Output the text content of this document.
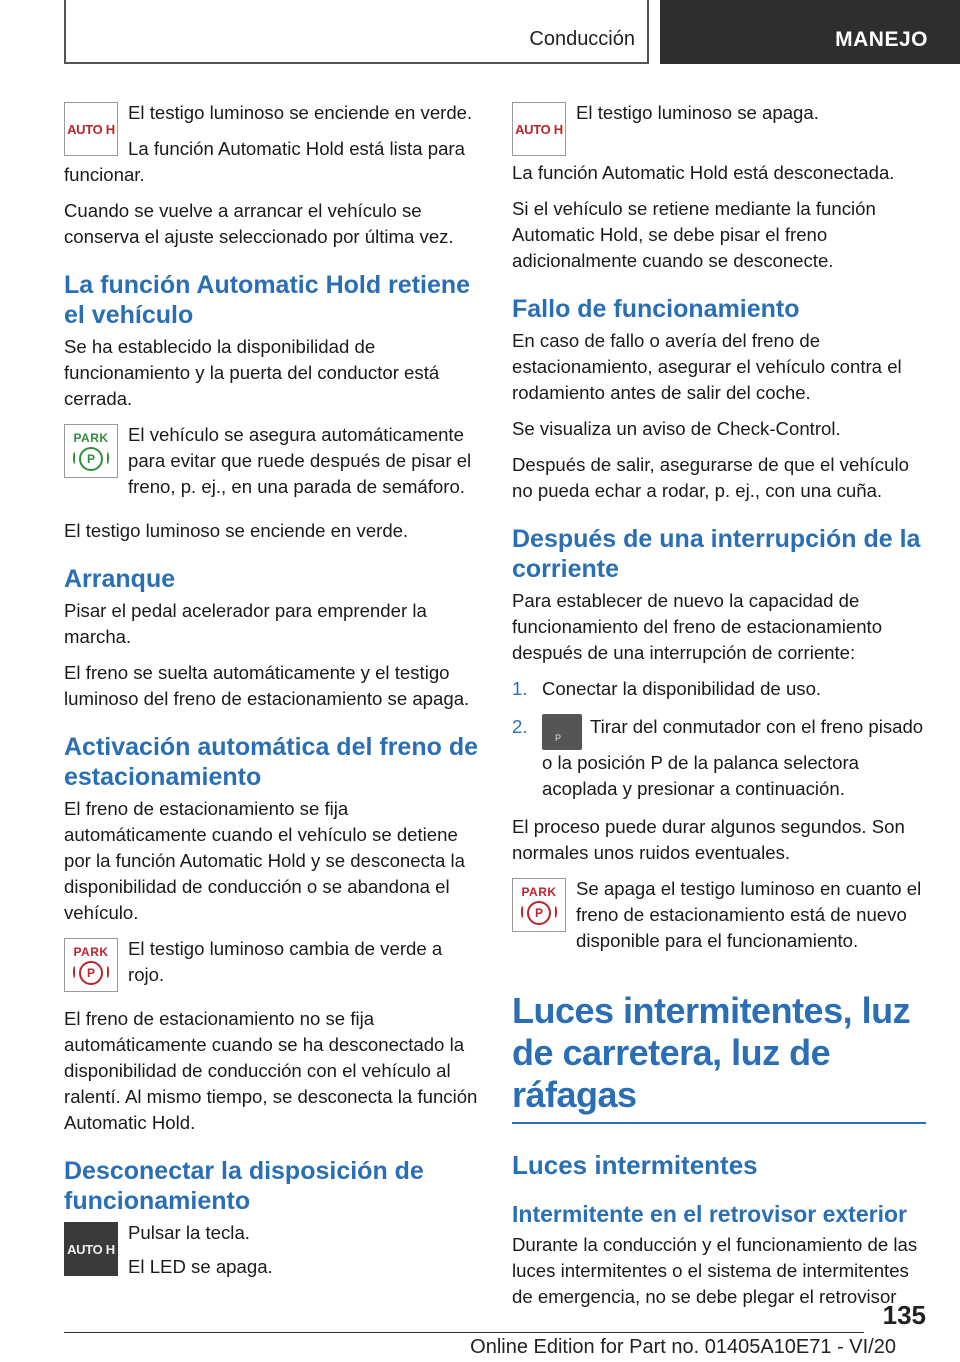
Conducción	MANEJO
AUTO H

El testigo luminoso se enciende en verde.

La función Automatic Hold está lista para funcionar.

Cuando se vuelve a arrancar el vehículo se conserva el ajuste seleccionado por última vez.

La función Automatic Hold retiene el vehículo

Se ha establecido la disponibilidad de funcionamiento y la puerta del conductor está cerrada.

PARK
P

El vehículo se asegura automáticamente para evitar que ruede después de pisar el freno, p. ej., en una parada de semáforo.

El testigo luminoso se enciende en verde.

Arranque

Pisar el pedal acelerador para emprender la marcha.

El freno se suelta automáticamente y el testigo luminoso del freno de estacionamiento se apaga.

Activación automática del freno de estacionamiento

El freno de estacionamiento se fija automáticamente cuando el vehículo se detiene por la función Automatic Hold y se desconecta la disponibilidad de conducción o se abandona el vehículo.

PARK
P

El testigo luminoso cambia de verde a rojo.

El freno de estacionamiento no se fija automáticamente cuando se ha desconectado la disponibilidad de conducción con el vehículo al ralentí. Al mismo tiempo, se desconecta la función Automatic Hold.

Desconectar la disposición de funcionamiento
AUTO H

Pulsar la tecla.

El LED se apaga.

AUTO H

El testigo luminoso se apaga.

La función Automatic Hold está desconectada.

Si el vehículo se retiene mediante la función Automatic Hold, se debe pisar el freno adicionalmente cuando se desconecte.

Fallo de funcionamiento

En caso de fallo o avería del freno de estacionamiento, asegurar el vehículo contra el rodamiento antes de salir del coche.

Se visualiza un aviso de Check-Control.

Después de salir, asegurarse de que el vehículo no pueda echar a rodar, p. ej., con una cuña.

Después de una interrupción de la corriente

Para establecer de nuevo la capacidad de funcionamiento del freno de estacionamiento después de una interrupción de corriente:

1. Conectar la disponibilidad de uso.
2.
P
Tirar del conmutador con el freno pisado o la posición P de la palanca selectora acoplada y presionar a continuación.

El proceso puede durar algunos segundos. Son normales unos ruidos eventuales.

PARK
P

Se apaga el testigo luminoso en cuanto el freno de estacionamiento está de nuevo disponible para el funcionamiento.

Luces intermitentes, luz de carretera, luz de ráfagas
Luces intermitentes
Intermitente en el retrovisor exterior

Durante la conducción y el funcionamiento de las luces intermitentes o el sistema de intermitentes de emergencia, no se debe plegar el retrovisor

135
Online Edition for Part no. 01405A10E71 - VI/20
